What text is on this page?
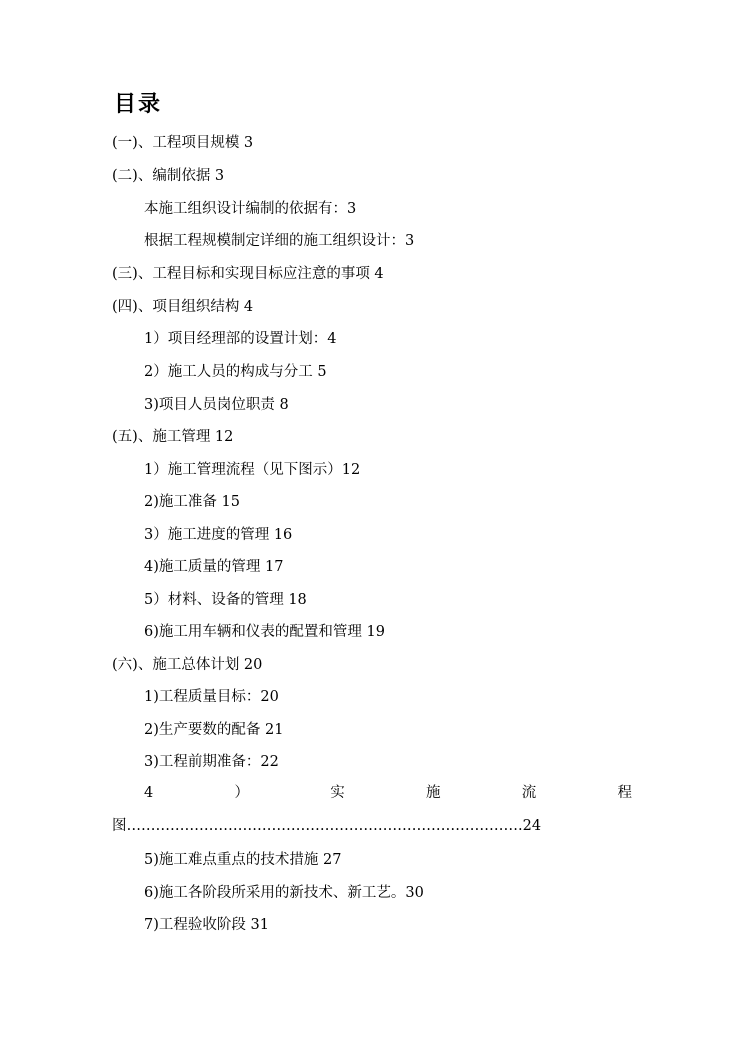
目录
(一)、工程项目规模 3
(二)、编制依据 3
本施工组织设计编制的依据有：3
根据工程规模制定详细的施工组织设计：3
(三)、工程目标和实现目标应注意的事项 4
(四)、项目组织结构 4
1）项目经理部的设置计划：4
2）施工人员的构成与分工 5
3)项目人员岗位职责 8
(五)、施工管理 12
1）施工管理流程（见下图示）12
2)施工准备 15
3）施工进度的管理 16
4)施工质量的管理 17
5）材料、设备的管理 18
6)施工用车辆和仪表的配置和管理 19
(六)、施工总体计划 20
1)工程质量目标：20
2)生产要数的配备 21
3)工程前期准备：22
4	）	实	施	流	程
图……………………………………………………………………….24
5)施工难点重点的技术措施 27
6)施工各阶段所采用的新技术、新工艺。30
7)工程验收阶段 31
